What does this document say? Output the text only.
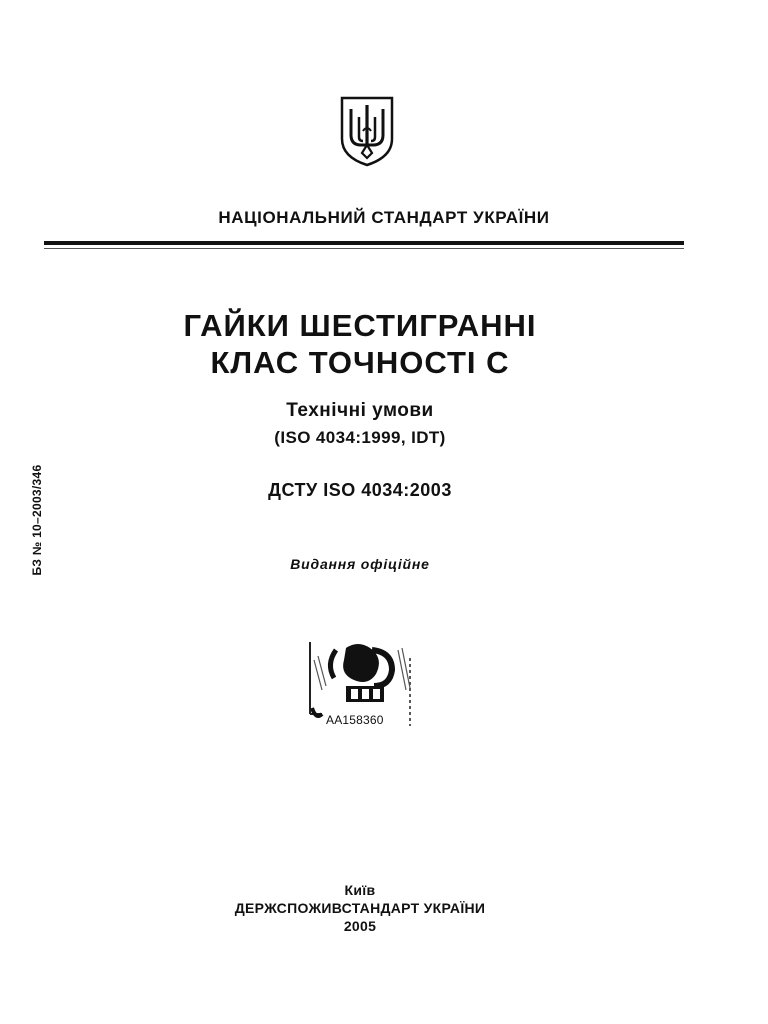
НАЦІОНАЛЬНИЙ СТАНДАРТ УКРАЇНИ
ГАЙКИ ШЕСТИГРАННІ
КЛАС ТОЧНОСТІ С
Технічні умови
(ISO 4034:1999, IDT)
ДСТУ ISO 4034:2003
Видання офіційне
БЗ № 10–2003/346
АА158360
Київ
ДЕРЖСПОЖИВСТАНДАРТ УКРАЇНИ
2005
